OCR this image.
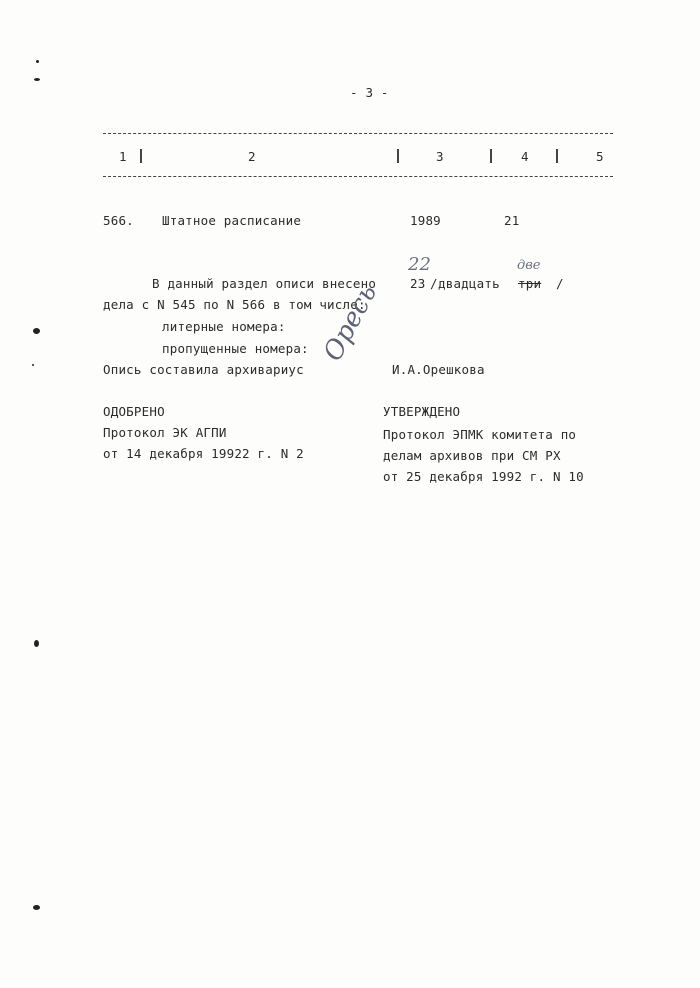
- 3 -
1	2	3	4	5
566. Штатное расписание	1989	21
В данный раздел описи внесено	23
22
/ двадцать три
две
/
дела с N 545 по N 566 в том числе:
литерные номера:
пропущенные номера:
Опись составила архивариус	И.А.Орешкова
Оресь
ОДОБРЕНО
Протокол ЭК АГПИ
от 14 декабря 19922 г. N 2
УТВЕРЖДЕНО
Протокол ЭПМК комитета по
делам архивов при СМ РХ
от 25 декабря 1992 г. N 10
